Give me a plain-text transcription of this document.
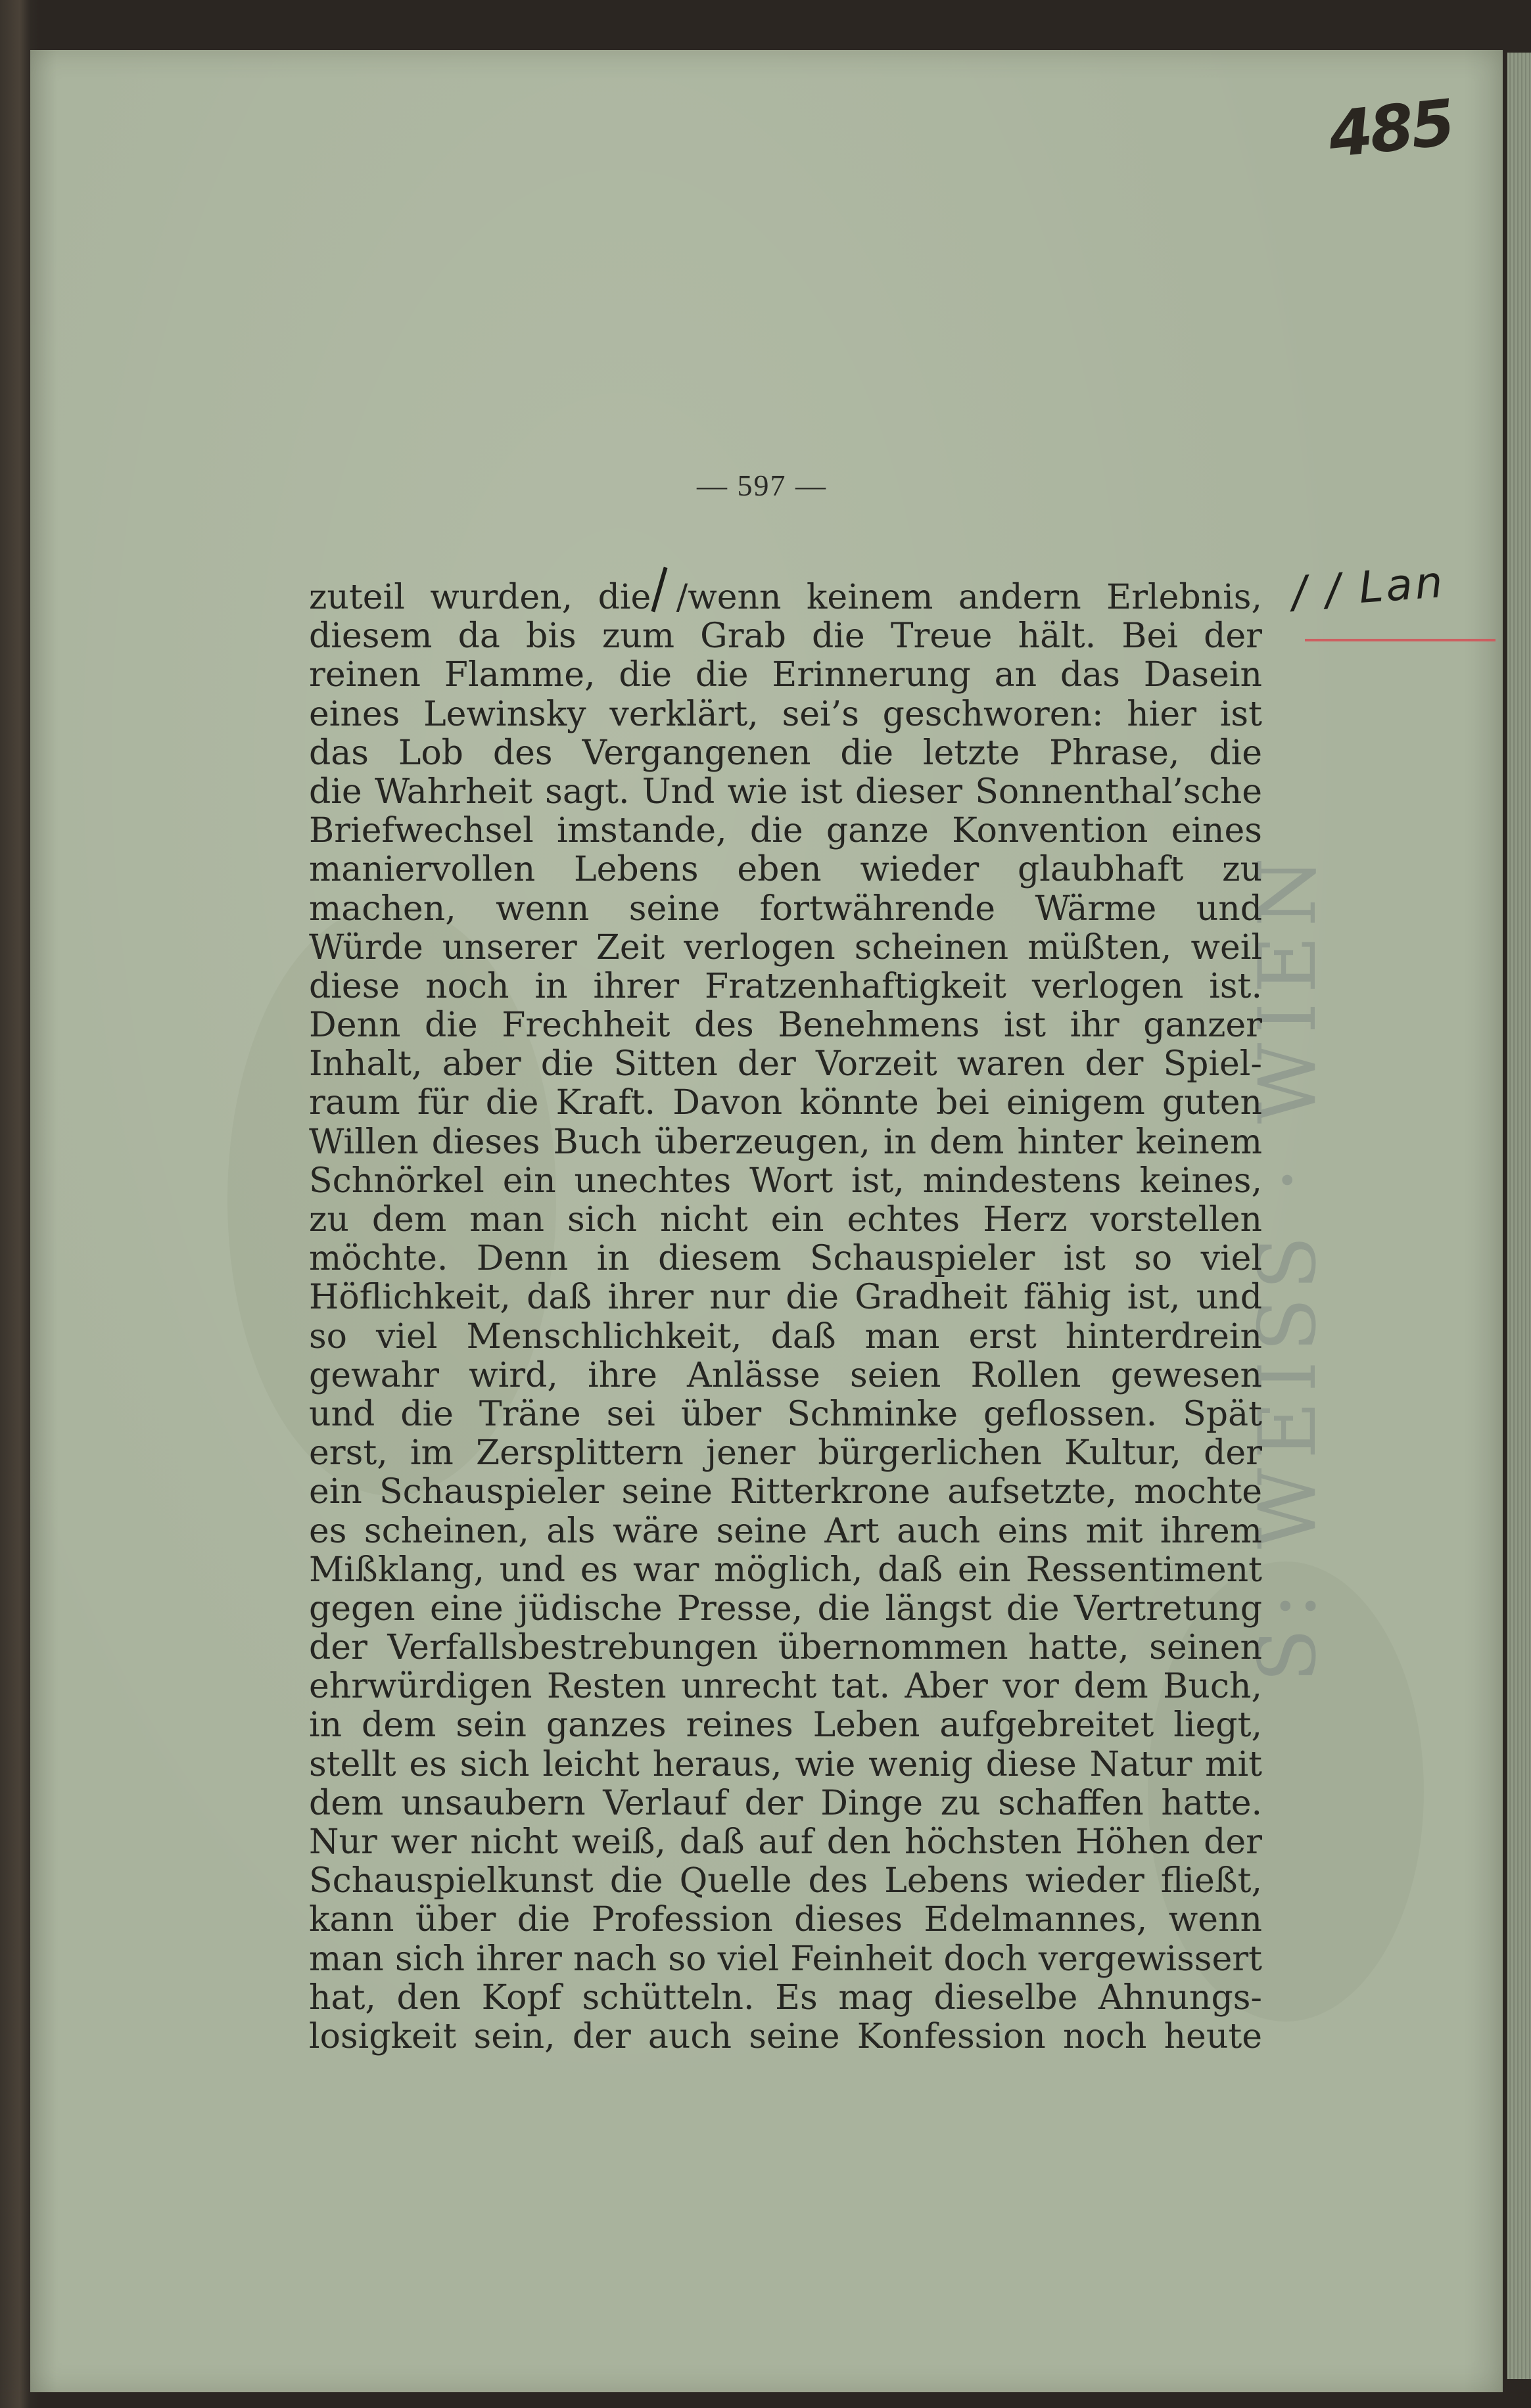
S: WEISS · WIEN
485
— 597 —
/ / Lan
zuteil wurden, die /wenn keinem andern Erlebnis,
diesem da bis zum Grab die Treue hält. Bei der
reinen Flamme, die die Erinnerung an das Dasein
eines Lewinsky verklärt, sei’s geschworen: hier ist
das Lob des Vergangenen die letzte Phrase, die
die Wahrheit sagt. Und wie ist dieser Sonnenthal’sche
Briefwechsel imstande, die ganze Konvention eines
maniervollen Lebens eben wieder glaubhaft zu
machen, wenn seine fortwährende Wärme und
Würde unserer Zeit verlogen scheinen müßten, weil
diese noch in ihrer Fratzenhaftigkeit verlogen ist.
Denn die Frechheit des Benehmens ist ihr ganzer
Inhalt, aber die Sitten der Vorzeit waren der Spiel-
raum für die Kraft. Davon könnte bei einigem guten
Willen dieses Buch überzeugen, in dem hinter keinem
Schnörkel ein unechtes Wort ist, mindestens keines,
zu dem man sich nicht ein echtes Herz vorstellen
möchte. Denn in diesem Schauspieler ist so viel
Höflichkeit, daß ihrer nur die Gradheit fähig ist, und
so viel Menschlichkeit, daß man erst hinterdrein
gewahr wird, ihre Anlässe seien Rollen gewesen
und die Träne sei über Schminke geflossen. Spät
erst, im Zersplittern jener bürgerlichen Kultur, der
ein Schauspieler seine Ritterkrone aufsetzte, mochte
es scheinen, als wäre seine Art auch eins mit ihrem
Mißklang, und es war möglich, daß ein Ressentiment
gegen eine jüdische Presse, die längst die Vertretung
der Verfallsbestrebungen übernommen hatte, seinen
ehrwürdigen Resten unrecht tat. Aber vor dem Buch,
in dem sein ganzes reines Leben aufgebreitet liegt,
stellt es sich leicht heraus, wie wenig diese Natur mit
dem unsaubern Verlauf der Dinge zu schaffen hatte.
Nur wer nicht weiß, daß auf den höchsten Höhen der
Schauspielkunst die Quelle des Lebens wieder fließt,
kann über die Profession dieses Edelmannes, wenn
man sich ihrer nach so viel Feinheit doch vergewissert
hat, den Kopf schütteln. Es mag dieselbe Ahnungs-
losigkeit sein, der auch seine Konfession noch heute
